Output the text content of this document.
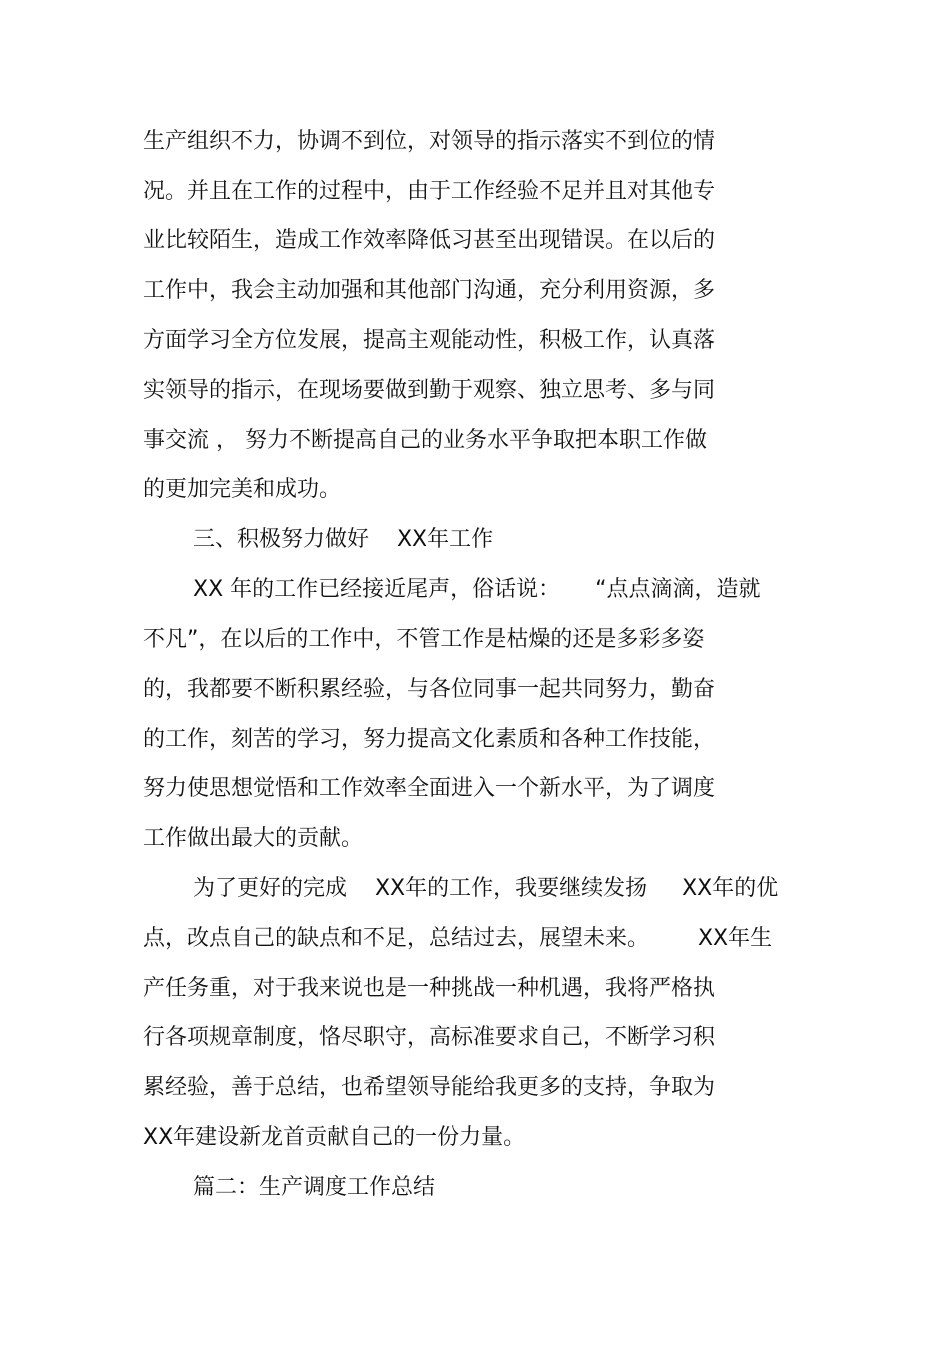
生产组织不力，协调不到位，对领导的指示落实不到位的情
况。并且在工作的过程中，由于工作经验不足并且对其他专
业比较陌生，造成工作效率降低习甚至出现错误。在以后的
工作中，我会主动加强和其他部门沟通，充分利用资源，多
方面学习全方位发展，提高主观能动性，积极工作，认真落
实领导的指示，在现场要做到勤于观察、独立思考、多与同
事交流 ， 努力不断提高自己的业务水平争取把本职工作做
的更加完美和成功。
三、积极努力做好    XX年工作
XX 年的工作已经接近尾声，俗话说：     “点点滴滴，造就
不凡”，在以后的工作中，不管工作是枯燥的还是多彩多姿
的，我都要不断积累经验，与各位同事一起共同努力，勤奋
的工作，刻苦的学习，努力提高文化素质和各种工作技能，
努力使思想觉悟和工作效率全面进入一个新水平，为了调度
工作做出最大的贡献。
为了更好的完成    XX年的工作，我要继续发扬     XX年的优
点，改点自己的缺点和不足，总结过去，展望未来。       XX年生
产任务重，对于我来说也是一种挑战一种机遇，我将严格执
行各项规章制度，恪尽职守，高标准要求自己，不断学习积
累经验，善于总结，也希望领导能给我更多的支持，争取为
XX年建设新龙首贡献自己的一份力量。
篇二：生产调度工作总结
